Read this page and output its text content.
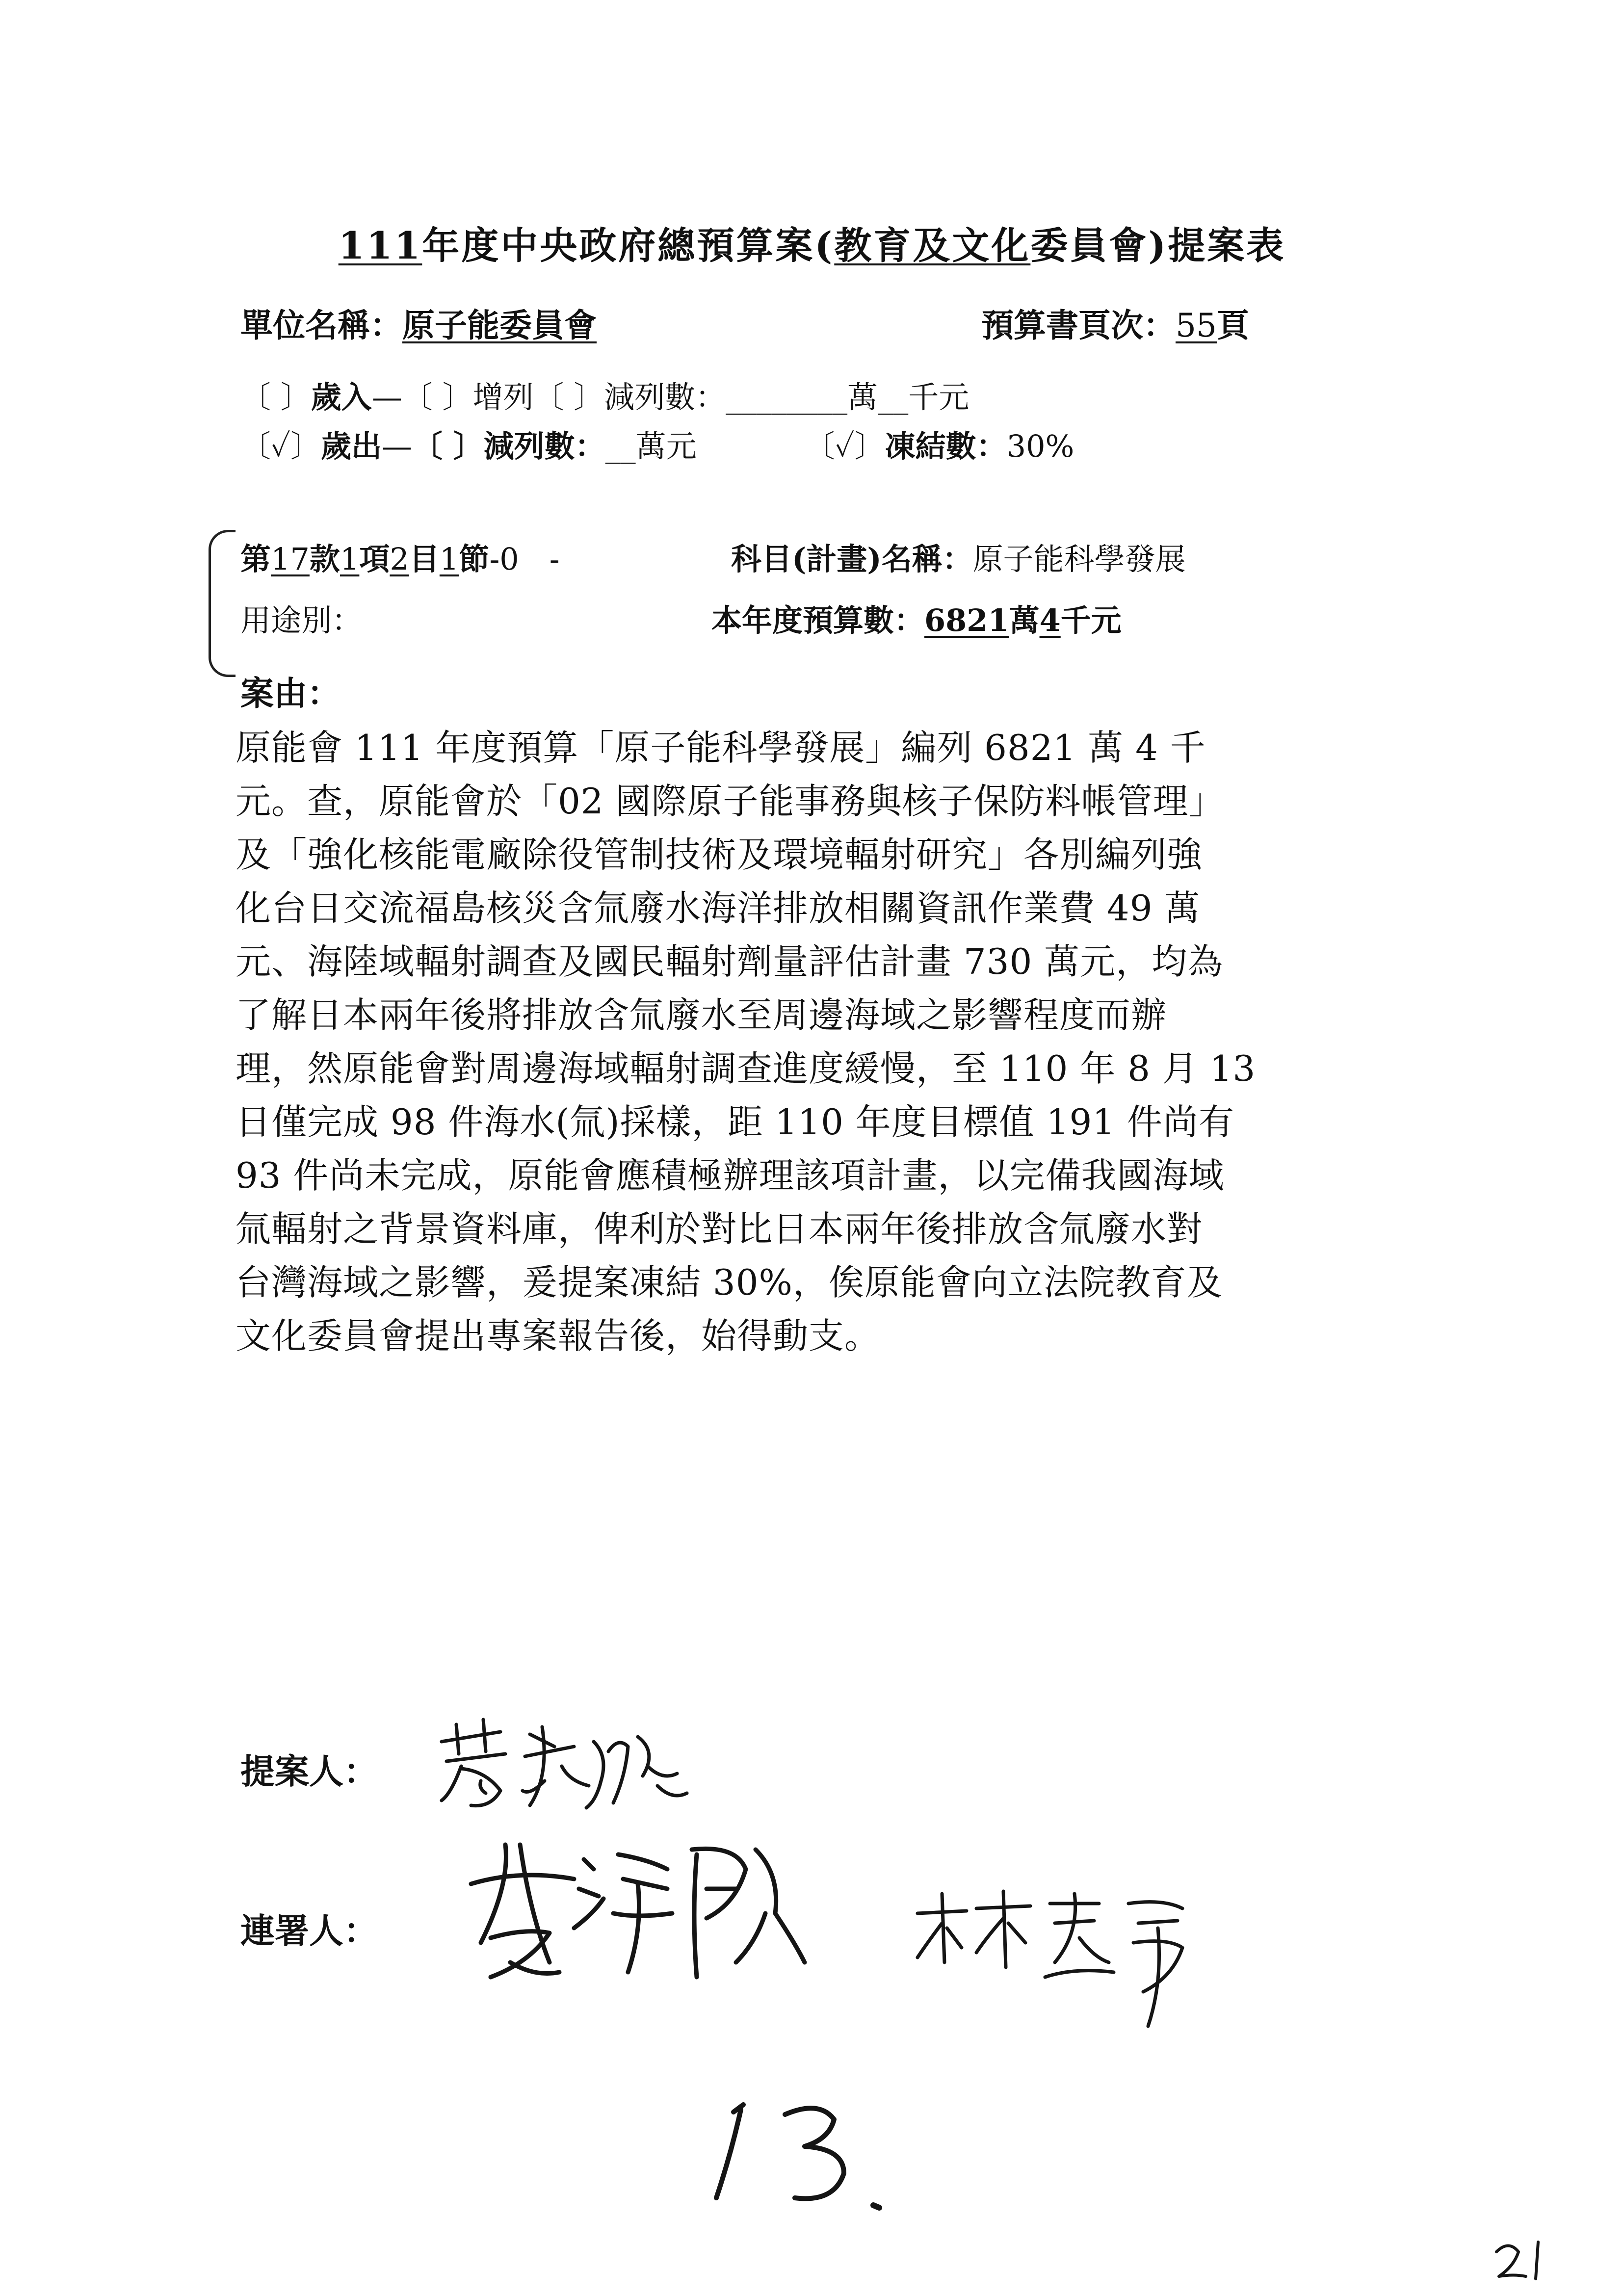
111年度中央政府總預算案(教育及文化委員會)提案表
單位名稱：原子能委員會	預算書頁次：55頁
〔 〕歲入—〔 〕增列〔 〕減列數：________萬__千元
〔✓〕歲出—〔 〕減列數：__萬元	〔✓〕凍結數：30%
第17款1項2目1節-0　-	科目(計畫)名稱：原子能科學發展
用途別：	本年度預算數：6821萬4千元
案由：
原能會 111 年度預算「原子能科學發展」編列 6821 萬 4 千
元。查，原能會於「02 國際原子能事務與核子保防料帳管理」
及「強化核能電廠除役管制技術及環境輻射研究」各別編列強
化台日交流福島核災含氚廢水海洋排放相關資訊作業費 49 萬
元、海陸域輻射調查及國民輻射劑量評估計畫 730 萬元，均為
了解日本兩年後將排放含氚廢水至周邊海域之影響程度而辦
理，然原能會對周邊海域輻射調查進度緩慢，至 110 年 8 月 13
日僅完成 98 件海水(氚)採樣，距 110 年度目標值 191 件尚有
93 件尚未完成，原能會應積極辦理該項計畫，以完備我國海域
氚輻射之背景資料庫，俾利於對比日本兩年後排放含氚廢水對
台灣海域之影響，爰提案凍結 30%，俟原能會向立法院教育及
文化委員會提出專案報告後，始得動支。
提案人：
連署人：
